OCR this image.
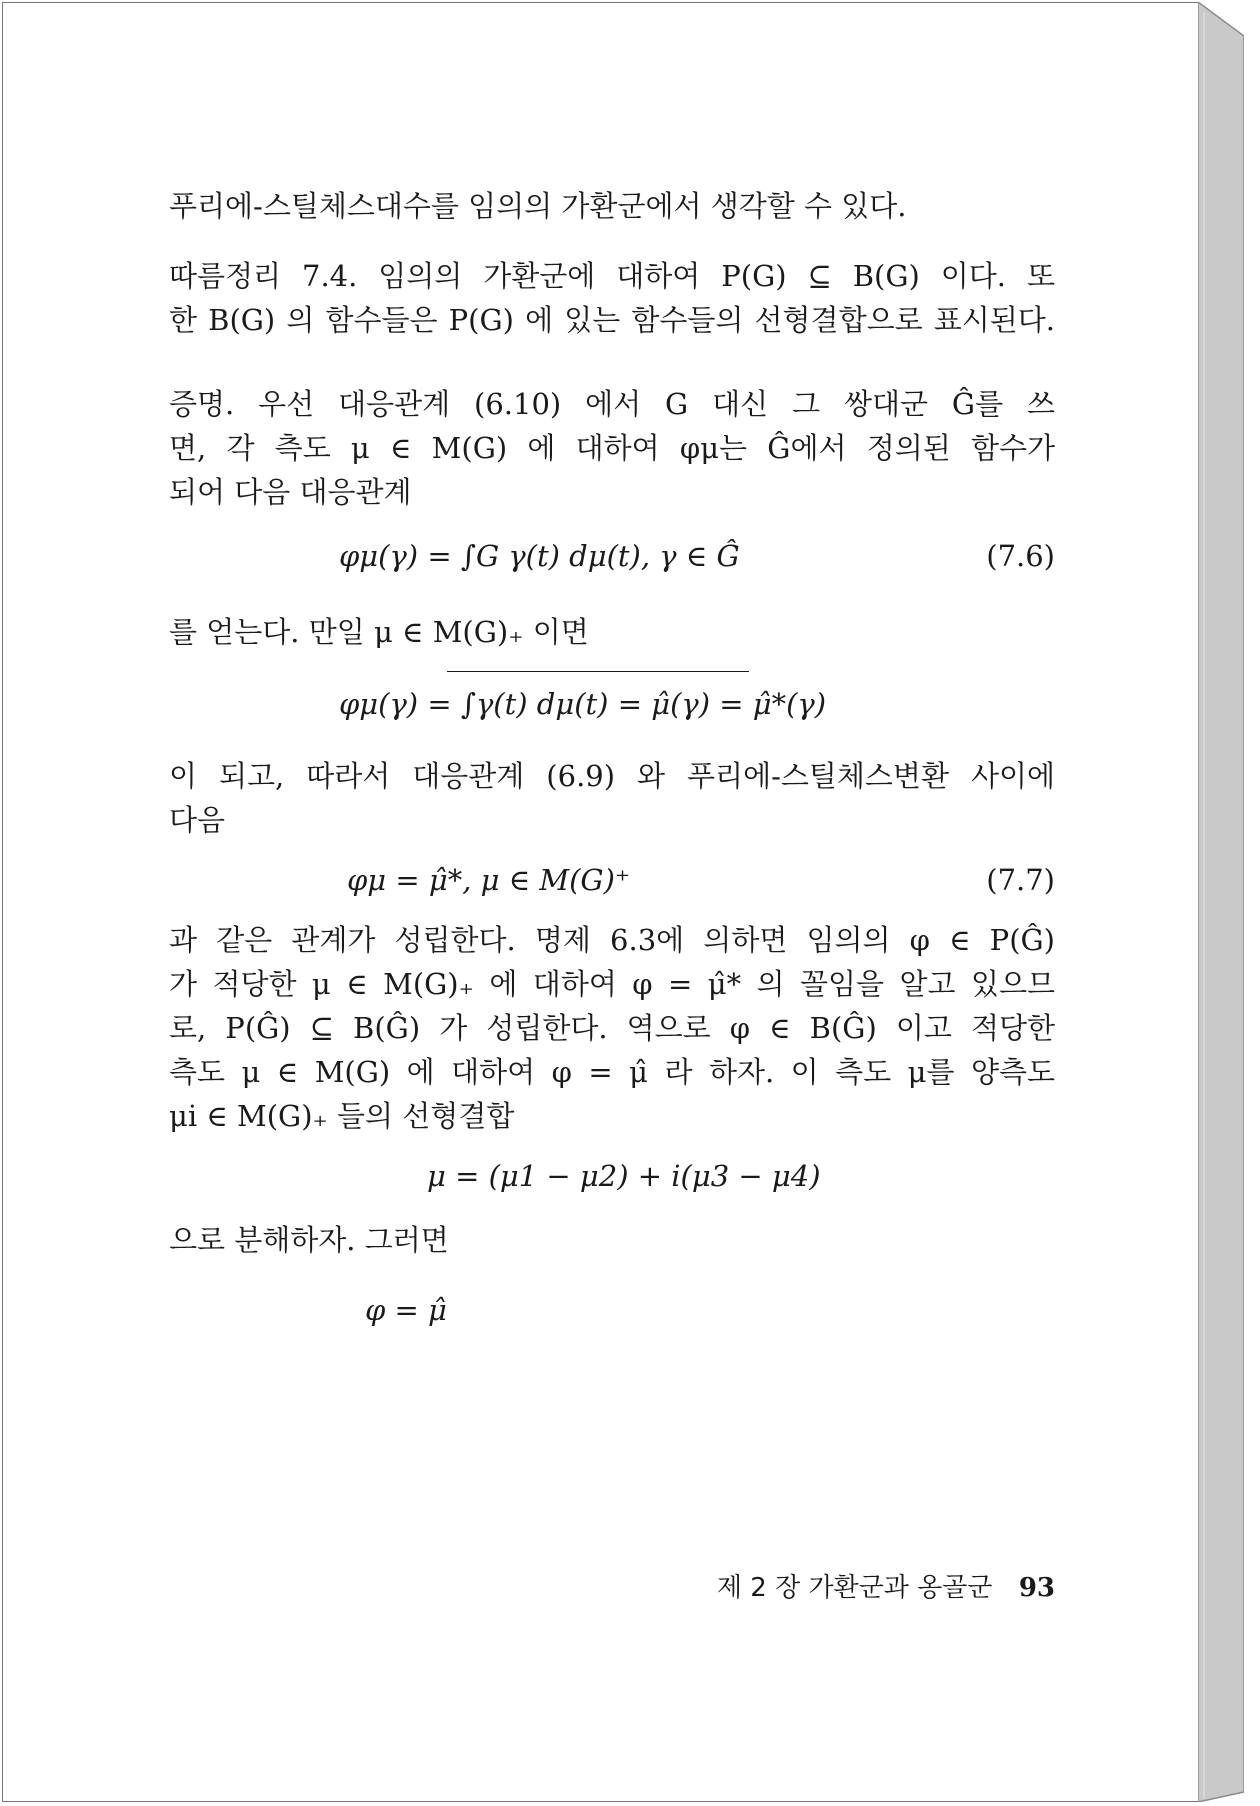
푸리에-스틸체스대수를 임의의 가환군에서 생각할 수 있다.
따름정리 7.4. 임의의 가환군에 대하여 P(G) ⊆ B(G) 이다. 또
한 B(G) 의 함수들은 P(G) 에 있는 함수들의 선형결합으로 표시된다.
증명. 우선 대응관계 (6.10) 에서 G 대신 그 쌍대군 Ĝ를 쓰
면, 각 측도 μ ∈ M(G) 에 대하여 φμ는 Ĝ에서 정의된 함수가
되어 다음 대응관계
φμ(γ) = ∫G γ(t) dμ(t), γ ∈ Ĝ	(7.6)
를 얻는다. 만일 μ ∈ M(G)₊ 이면
φμ(γ) = ∫γ(t) dμ(t) = μ̂(γ) = μ̂*(γ)
이 되고, 따라서 대응관계 (6.9) 와 푸리에-스틸체스변환 사이에
다음
φμ = μ̂*, μ ∈ M(G)⁺	(7.7)
과 같은 관계가 성립한다. 명제 6.3에 의하면 임의의 φ ∈ P(Ĝ)
가 적당한 μ ∈ M(G)₊ 에 대하여 φ = μ̂* 의 꼴임을 알고 있으므
로, P(Ĝ) ⊆ B(Ĝ) 가 성립한다. 역으로 φ ∈ B(Ĝ) 이고 적당한
측도 μ ∈ M(G) 에 대하여 φ = μ̂ 라 하자. 이 측도 μ를 양측도
μi ∈ M(G)₊ 들의 선형결합
μ = (μ1 − μ2) + i(μ3 − μ4)
으로 분해하자. 그러면
φ = μ̂
제 2 장 가환군과 옹골군 93
